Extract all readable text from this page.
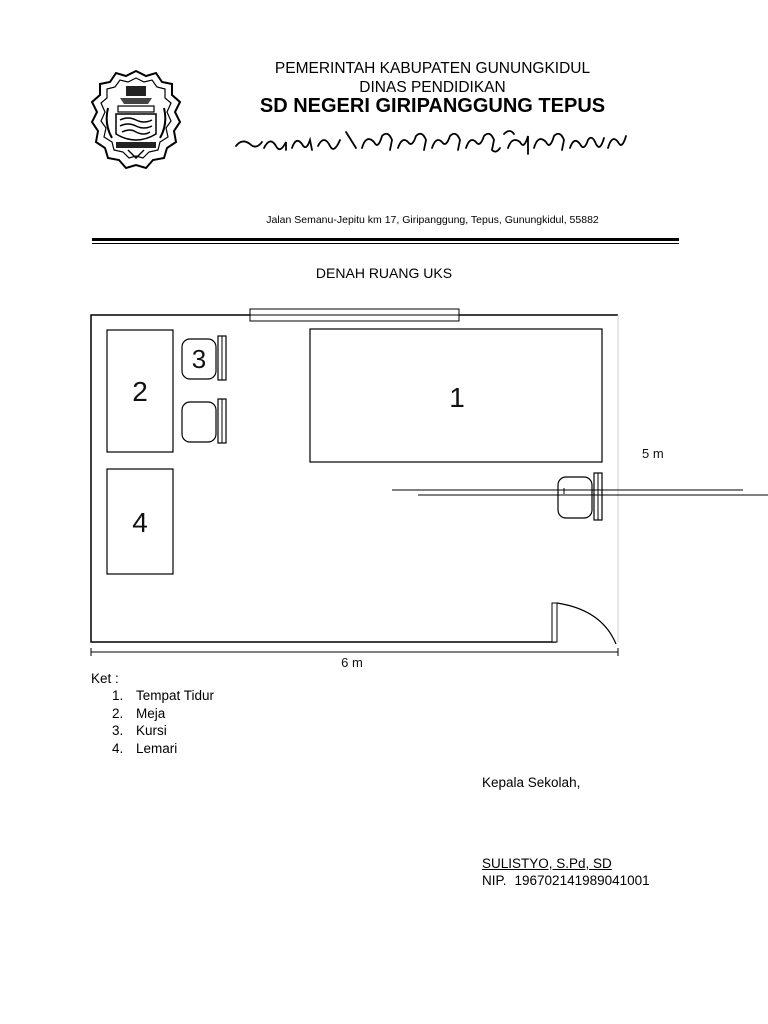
PEMERINTAH KABUPATEN GUNUNGKIDUL
DINAS PENDIDIKAN
SD NEGERI GIRIPANGGUNG TEPUS
Jalan Semanu-Jepitu km 17, Giripanggung, Tepus, Gunungkidul, 55882
DENAH RUANG UKS
1
2
3
4
5 m
6 m
Ket :
1. Tempat Tidur
2. Meja
3. Kursi
4. Lemari
Kepala Sekolah,
SULISTYO, S.Pd, SD
NIP. 196702141989041001
